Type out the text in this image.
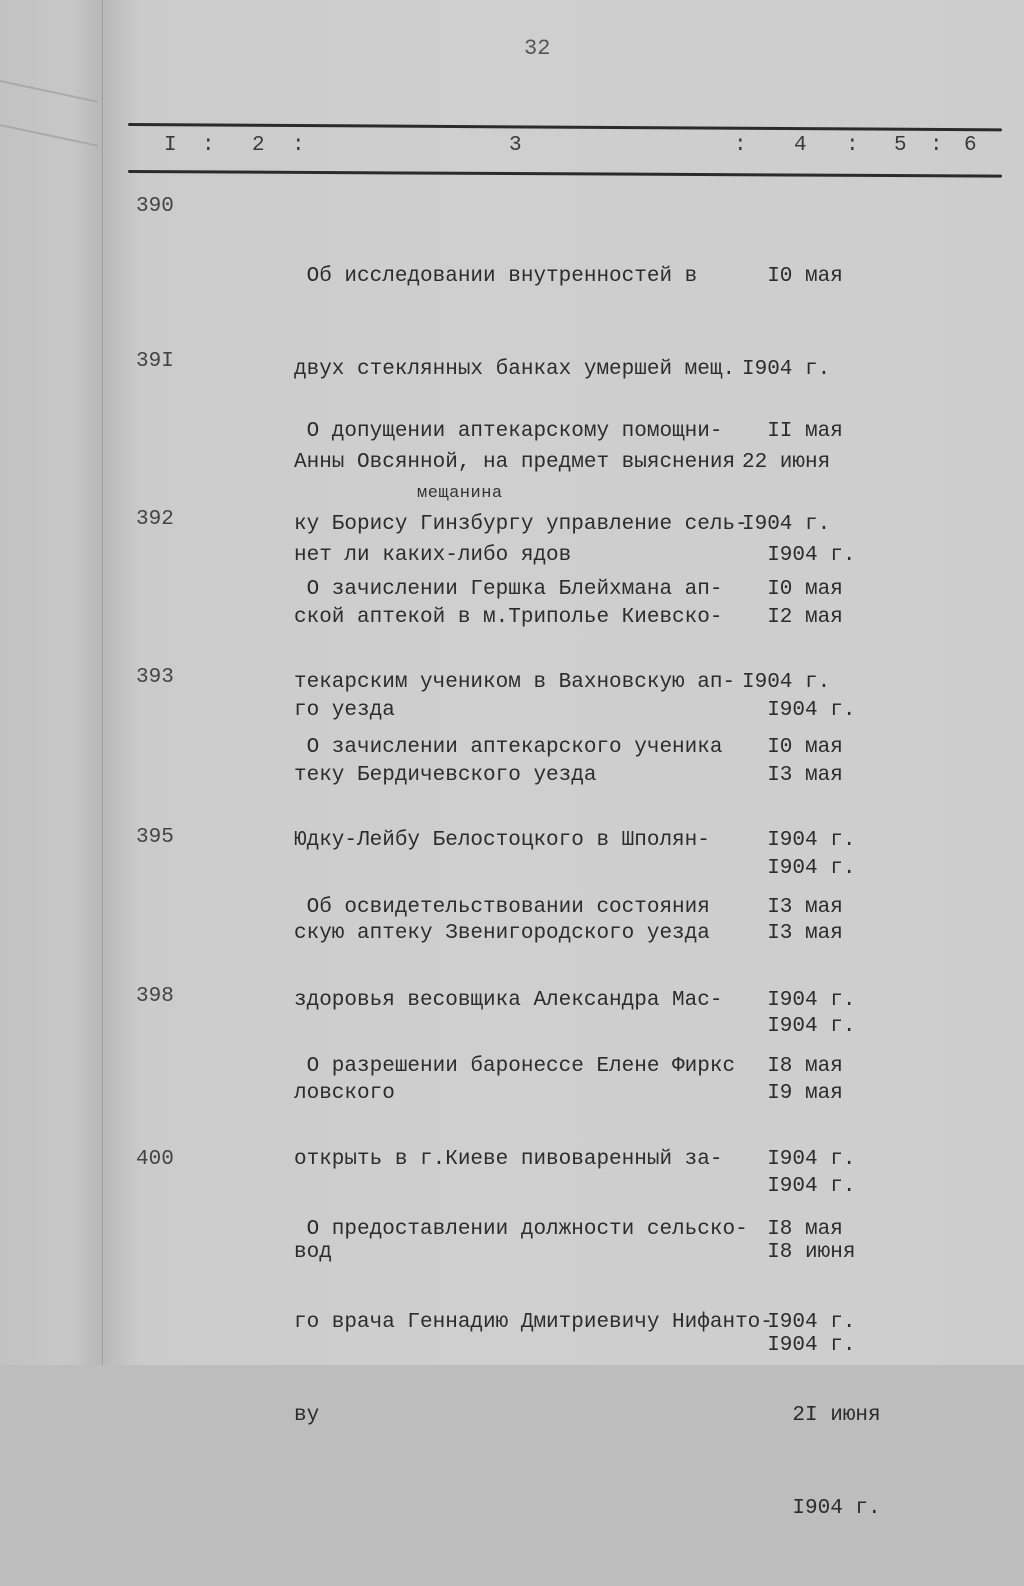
32
I : 2 :	3	: 4 : 5 : 6
390

Об исследовании внутренностей в

двух стеклянных банках умершей мещ.

Анны Овсянной, на предмет выяснения

нет ли каких-либо ядов

I0 мая

I904 г.

22 июня

I904 г.

39I

О допущении аптекарскому помощни-

ку Борису Гинзбургу управление сель-

ской аптекой в м.Триполье Киевско-

го уезда

II мая

I904 г.

I2 мая

I904 г.

мещанина
392

О зачислении Гершка Блейхмана ап-

текарским учеником в Вахновскую ап-

теку Бердичевского уезда

I0 мая

I904 г.

I3 мая

I904 г.

393

О зачислении аптекарского ученика

Юдку-Лейбу Белостоцкого в Шполян-

скую аптеку Звенигородского уезда

I0 мая

I904 г.

I3 мая

I904 г.

395

Об освидетельствовании состояния

здоровья весовщика Александра Мас-

ловского

I3 мая

I904 г.

I9 мая

I904 г.

398

О разрешении баронессе Елене Фиркс

открыть в г.Киеве пивоваренный за-

вод

I8 мая

I904 г.

I8 июня

I904 г.

400

О предоставлении должности сельско-

го врача Геннадию Дмитриевичу Нифанто-

ву

I8 мая

I904 г.

2I июня

I904 г.
